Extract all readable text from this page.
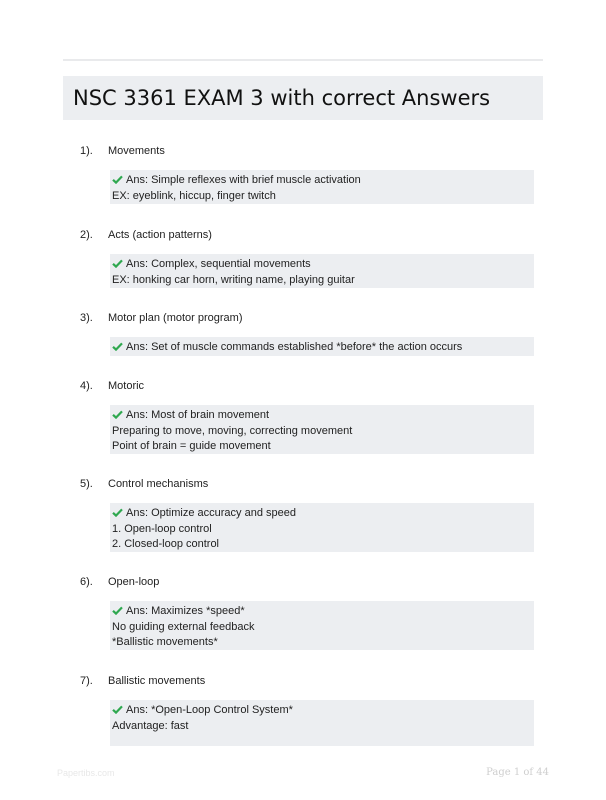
NSC 3361 EXAM 3 with correct Answers
1). Movements
Ans: Simple reflexes with brief muscle activation
EX: eyeblink, hiccup, finger twitch
2). Acts (action patterns)
Ans: Complex, sequential movements
EX: honking car horn, writing name, playing guitar
3). Motor plan (motor program)
Ans: Set of muscle commands established *before* the action occurs
4). Motoric
Ans: Most of brain movement
Preparing to move, moving, correcting movement
Point of brain = guide movement
5). Control mechanisms
Ans: Optimize accuracy and speed
1. Open-loop control
2. Closed-loop control
6). Open-loop
Ans: Maximizes *speed*
No guiding external feedback
*Ballistic movements*
7). Ballistic movements
Ans: *Open-Loop Control System*
Advantage: fast
Papertibs.com	Page 1 of 44
